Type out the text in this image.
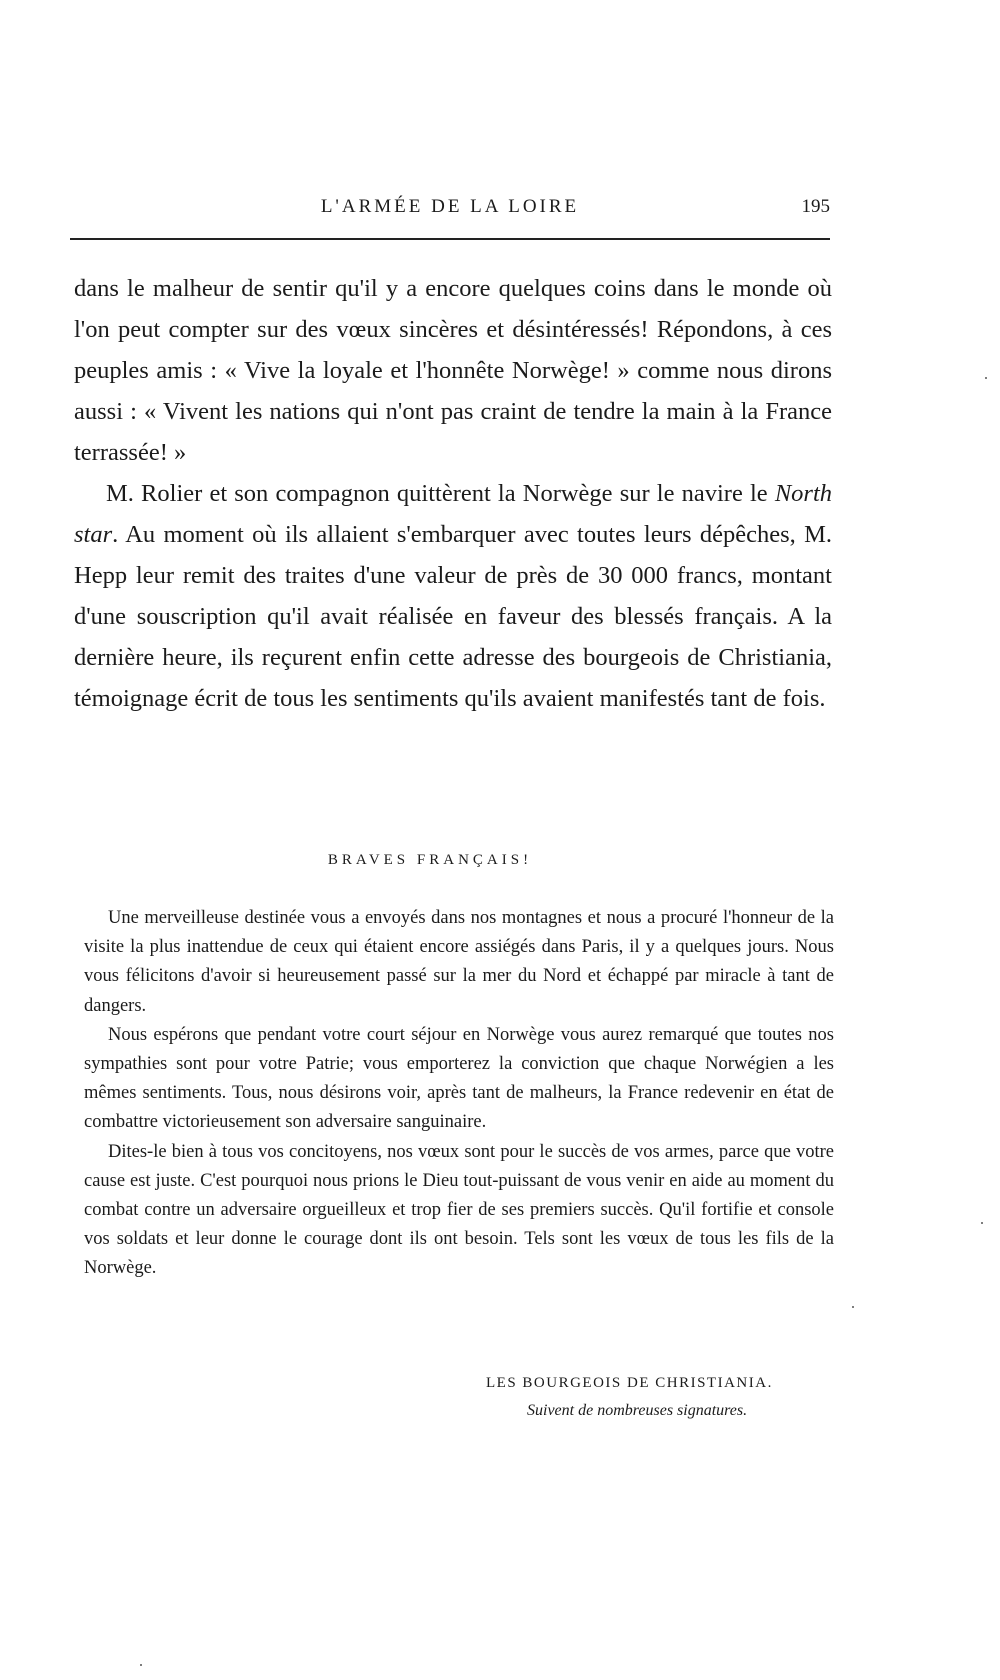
L'ARMÉE DE LA LOIRE	195

dans le malheur de sentir qu'il y a encore quelques coins dans le monde où l'on peut compter sur des vœux sincères et désintéressés! Répondons, à ces peuples amis : « Vive la loyale et l'honnête Norwège! » comme nous dirons aussi : « Vivent les nations qui n'ont pas craint de tendre la main à la France terrassée! »

M. Rolier et son compagnon quittèrent la Norwège sur le navire le North star. Au moment où ils allaient s'embarquer avec toutes leurs dépêches, M. Hepp leur remit des traites d'une valeur de près de 30 000 francs, montant d'une souscription qu'il avait réalisée en faveur des blessés français. A la dernière heure, ils reçurent enfin cette adresse des bourgeois de Christiania, témoignage écrit de tous les sentiments qu'ils avaient manifestés tant de fois.

BRAVES FRANÇAIS!

Une merveilleuse destinée vous a envoyés dans nos montagnes et nous a procuré l'honneur de la visite la plus inattendue de ceux qui étaient encore assiégés dans Paris, il y a quelques jours. Nous vous félicitons d'avoir si heureusement passé sur la mer du Nord et échappé par miracle à tant de dangers.

Nous espérons que pendant votre court séjour en Norwège vous aurez remarqué que toutes nos sympathies sont pour votre Patrie; vous emporterez la conviction que chaque Norwégien a les mêmes sentiments. Tous, nous désirons voir, après tant de malheurs, la France redevenir en état de combattre victorieusement son adversaire sanguinaire.

Dites-le bien à tous vos concitoyens, nos vœux sont pour le succès de vos armes, parce que votre cause est juste. C'est pourquoi nous prions le Dieu tout-puissant de vous venir en aide au moment du combat contre un adversaire orgueilleux et trop fier de ses premiers succès. Qu'il fortifie et console vos soldats et leur donne le courage dont ils ont besoin. Tels sont les vœux de tous les fils de la Norwège.

LES BOURGEOIS DE CHRISTIANIA.
Suivent de nombreuses signatures.
